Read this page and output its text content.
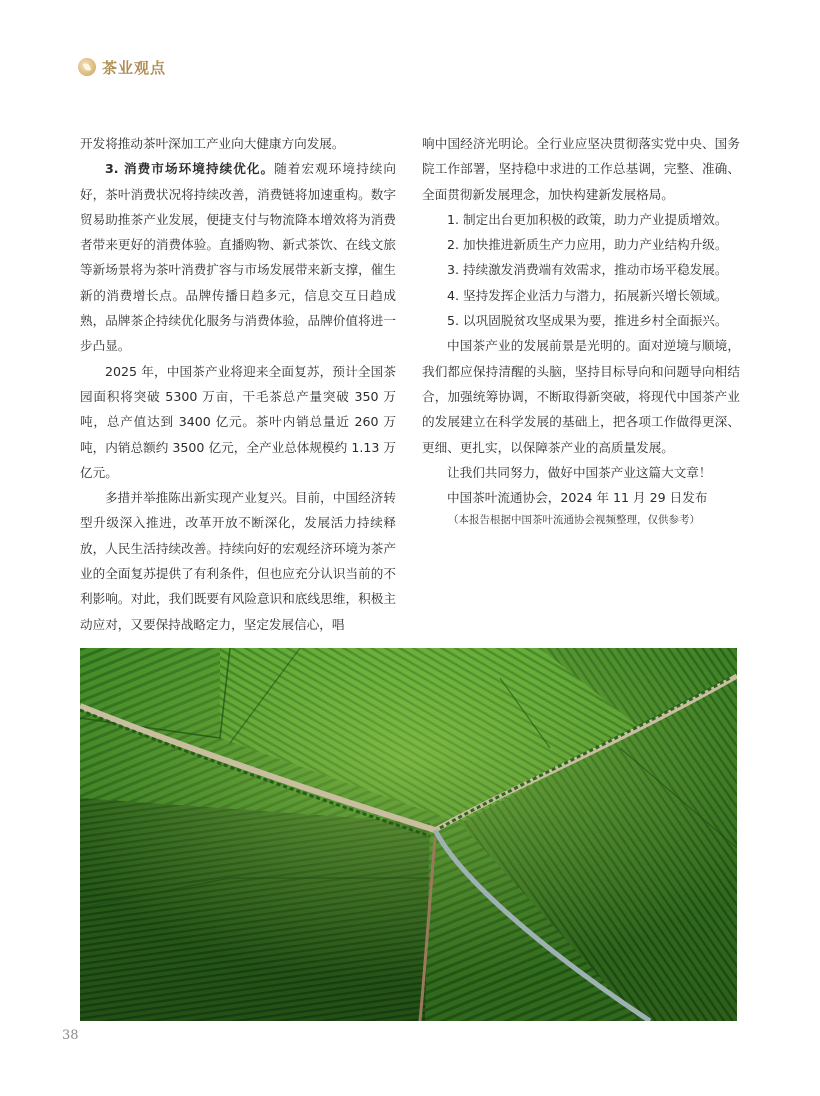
茶业观点

开发将推动茶叶深加工产业向大健康方向发展。

3. 消费市场环境持续优化。随着宏观环境持续向好，茶叶消费状况将持续改善，消费链将加速重构。数字贸易助推茶产业发展，便捷支付与物流降本增效将为消费者带来更好的消费体验。直播购物、新式茶饮、在线文旅等新场景将为茶叶消费扩容与市场发展带来新支撑，催生新的消费增长点。品牌传播日趋多元，信息交互日趋成熟，品牌茶企持续优化服务与消费体验，品牌价值将进一步凸显。

2025 年，中国茶产业将迎来全面复苏，预计全国茶园面积将突破 5300 万亩，干毛茶总产量突破 350 万吨，总产值达到 3400 亿元。茶叶内销总量近 260 万吨，内销总额约 3500 亿元，全产业总体规模约 1.13 万亿元。

多措并举推陈出新实现产业复兴。目前，中国经济转型升级深入推进，改革开放不断深化，发展活力持续释放，人民生活持续改善。持续向好的宏观经济环境为茶产业的全面复苏提供了有利条件，但也应充分认识当前的不利影响。对此，我们既要有风险意识和底线思维，积极主动应对，又要保持战略定力，坚定发展信心，唱

响中国经济光明论。全行业应坚决贯彻落实党中央、国务院工作部署，坚持稳中求进的工作总基调，完整、准确、全面贯彻新发展理念，加快构建新发展格局。

1. 制定出台更加积极的政策，助力产业提质增效。

2. 加快推进新质生产力应用，助力产业结构升级。

3. 持续激发消费端有效需求，推动市场平稳发展。

4. 坚持发挥企业活力与潜力，拓展新兴增长领域。

5. 以巩固脱贫攻坚成果为要，推进乡村全面振兴。

中国茶产业的发展前景是光明的。面对逆境与顺境，我们都应保持清醒的头脑，坚持目标导向和问题导向相结合，加强统筹协调，不断取得新突破，将现代中国茶产业的发展建立在科学发展的基础上，把各项工作做得更深、更细、更扎实，以保障茶产业的高质量发展。

让我们共同努力，做好中国茶产业这篇大文章！

中国茶叶流通协会，2024 年 11 月 29 日发布

（本报告根据中国茶叶流通协会视频整理，仅供参考）

38
